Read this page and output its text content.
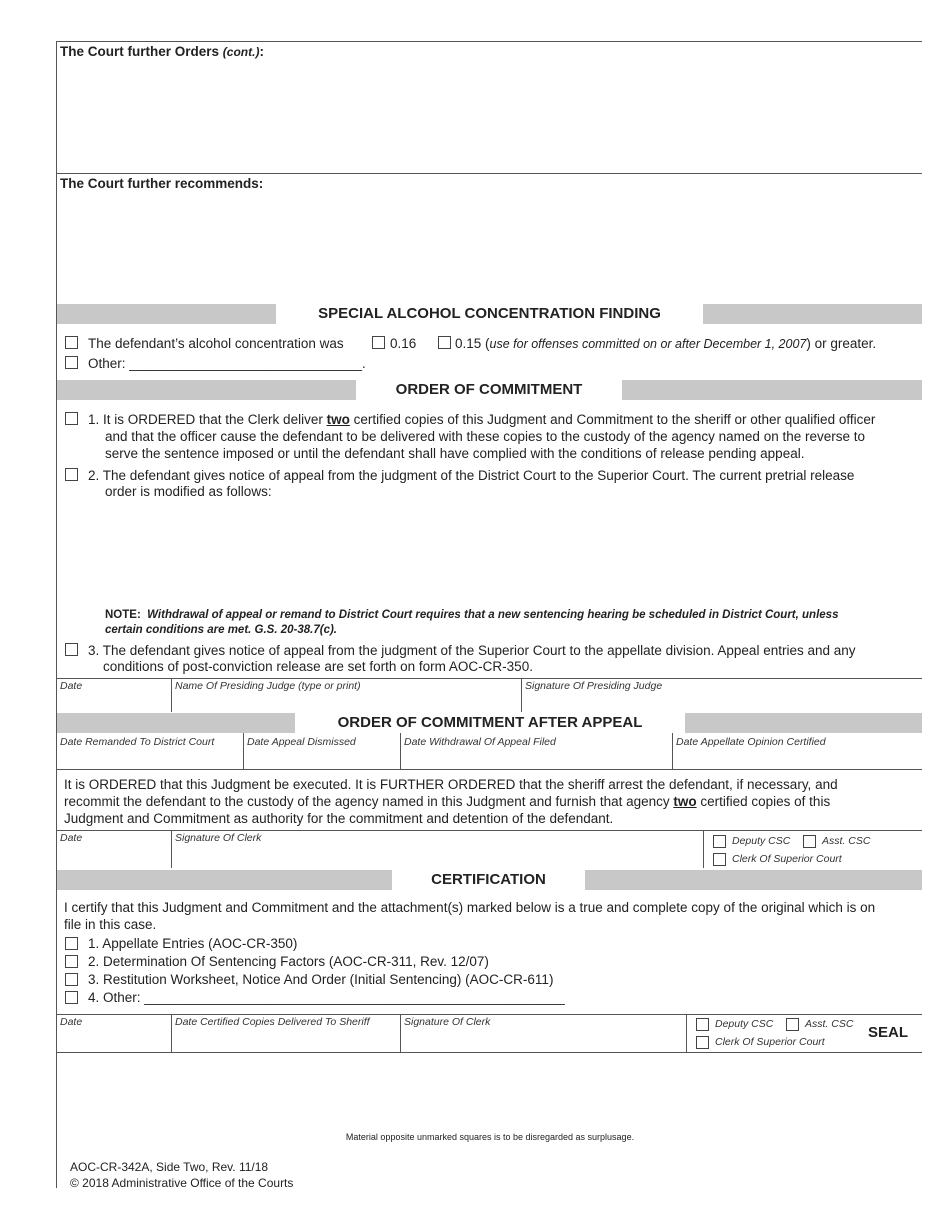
The Court further Orders (cont.):
The Court further recommends:
SPECIAL ALCOHOL CONCENTRATION FINDING
The defendant’s alcohol concentration was	0.16	0.15 (use for offenses committed on or after December 1, 2007) or greater.
Other: _______________________________.
ORDER OF COMMITMENT
1. It is ORDERED that the Clerk deliver two certified copies of this Judgment and Commitment to the sheriff or other qualified officer
and that the officer cause the defendant to be delivered with these copies to the custody of the agency named on the reverse to
serve the sentence imposed or until the defendant shall have complied with the conditions of release pending appeal.
2. The defendant gives notice of appeal from the judgment of the District Court to the Superior Court. The current pretrial release
order is modified as follows:
NOTE: Withdrawal of appeal or remand to District Court requires that a new sentencing hearing be scheduled in District Court, unless
certain conditions are met. G.S. 20-38.7(c).
3. The defendant gives notice of appeal from the judgment of the Superior Court to the appellate division. Appeal entries and any
conditions of post-conviction release are set forth on form AOC-CR-350.
Date	Name Of Presiding Judge (type or print)	Signature Of Presiding Judge
ORDER OF COMMITMENT AFTER APPEAL
Date Remanded To District Court	Date Appeal Dismissed	Date Withdrawal Of Appeal Filed	Date Appellate Opinion Certified
It is ORDERED that this Judgment be executed. It is FURTHER ORDERED that the sheriff arrest the defendant, if necessary, and
recommit the defendant to the custody of the agency named in this Judgment and furnish that agency two certified copies of this
Judgment and Commitment as authority for the commitment and detention of the defendant.
Date	Signature Of Clerk	Deputy CSC	Asst. CSC
Clerk Of Superior Court
CERTIFICATION
I certify that this Judgment and Commitment and the attachment(s) marked below is a true and complete copy of the original which is on
file in this case.
1. Appellate Entries (AOC-CR-350)
2. Determination Of Sentencing Factors (AOC-CR-311, Rev. 12/07)
3. Restitution Worksheet, Notice And Order (Initial Sentencing) (AOC-CR-611)
4. Other: ________________________________________________________
Date	Date Certified Copies Delivered To Sheriff	Signature Of Clerk	Deputy CSC	Asst. CSC
Clerk Of Superior Court
SEAL
Material opposite unmarked squares is to be disregarded as surplusage.
AOC-CR-342A, Side Two, Rev. 11/18
© 2018 Administrative Office of the Courts
